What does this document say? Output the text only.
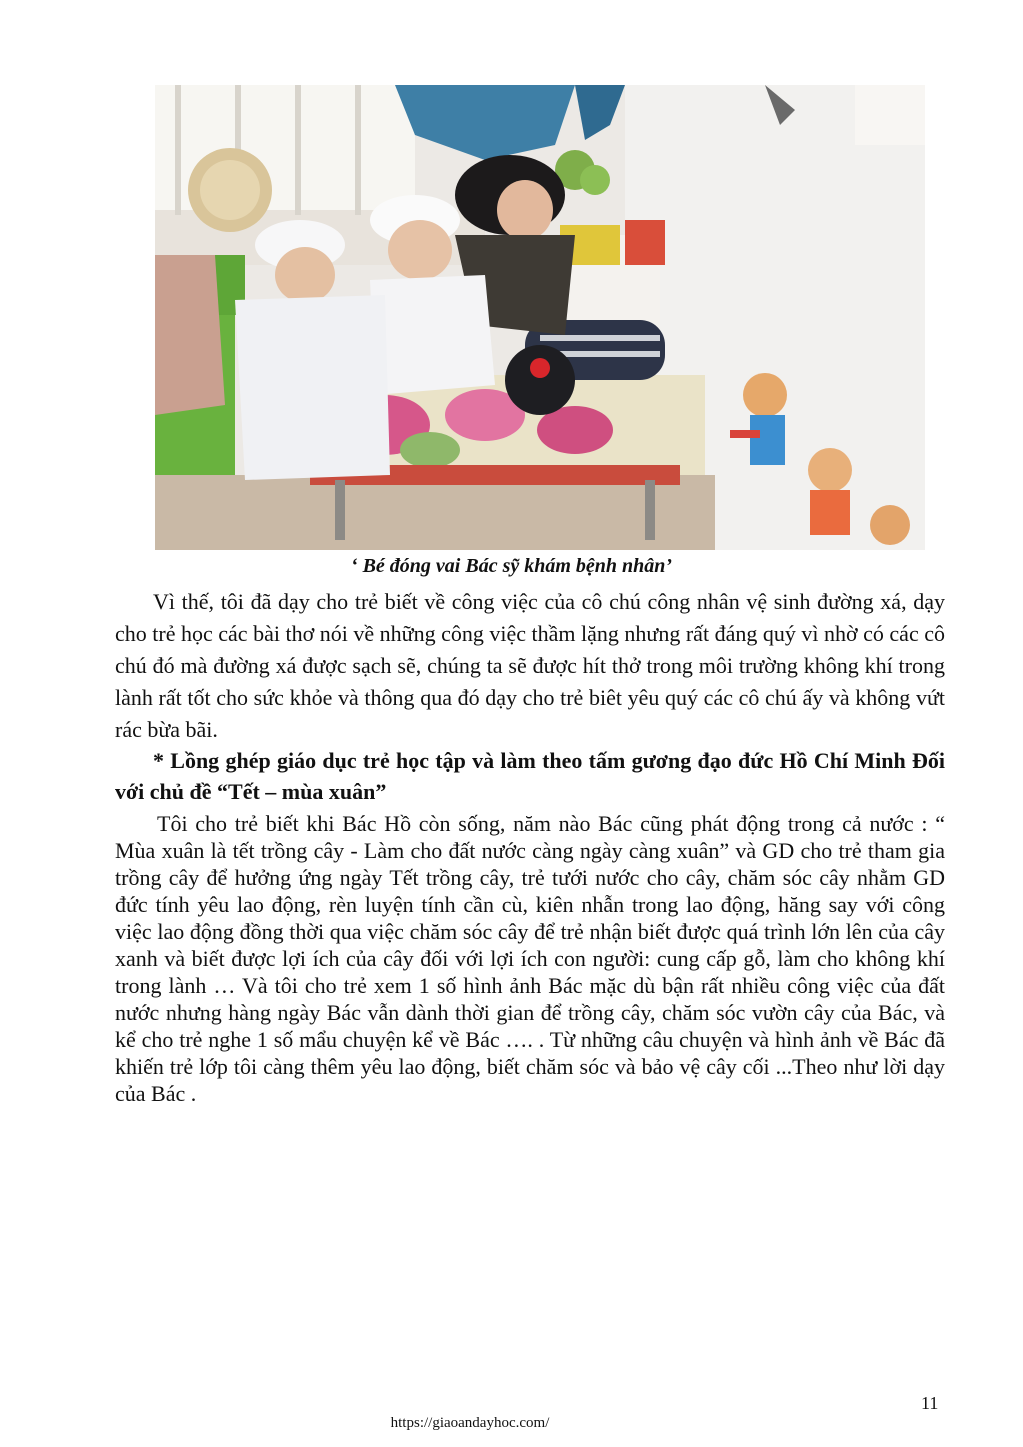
‘ Bé đóng vai Bác sỹ khám bệnh nhân’

Vì thế, tôi đã dạy cho trẻ biết về công việc của cô chú công nhân vệ sinh đường xá, dạy cho trẻ học các bài thơ nói về những công việc thầm lặng nhưng rất đáng quý vì nhờ có các cô chú đó mà đường xá được sạch sẽ, chúng ta sẽ được hít thở trong môi trường không khí trong lành rất tốt cho sức khỏe và thông qua đó dạy cho trẻ biêt yêu quý các cô chú ấy và không vứt rác bừa bãi.

* Lồng ghép giáo dục trẻ học tập và làm theo tấm gương đạo đức Hồ Chí Minh Đối với chủ đề “Tết – mùa xuân”

Tôi cho trẻ biết khi Bác Hồ còn sống, năm nào Bác cũng phát động trong cả nước : “ Mùa xuân là tết trồng cây - Làm cho đất nước càng ngày càng xuân” và GD cho trẻ tham gia trồng cây để hưởng ứng ngày Tết trồng cây, trẻ tưới nước cho cây, chăm sóc cây nhằm GD đức tính yêu lao động, rèn luyện tính cần cù, kiên nhẫn trong lao động, hăng say với công việc lao động đồng thời qua việc chăm sóc cây để trẻ nhận biết được quá trình lớn lên của cây xanh và biết được lợi ích của cây đối với lợi ích con người: cung cấp gỗ, làm cho không khí trong lành … Và tôi cho trẻ xem 1 số hình ảnh Bác mặc dù bận rất nhiều công việc của đất nước nhưng hàng ngày Bác vẫn dành thời gian để trồng cây, chăm sóc vườn cây của Bác, và kể cho trẻ nghe 1 số mẩu chuyện kể về Bác …. . Từ những câu chuyện và hình ảnh về Bác đã khiến trẻ lớp tôi càng thêm yêu lao động, biết chăm sóc và bảo vệ cây cối ...Theo như lời dạy của Bác .

11
https://giaoandayhoc.com/
